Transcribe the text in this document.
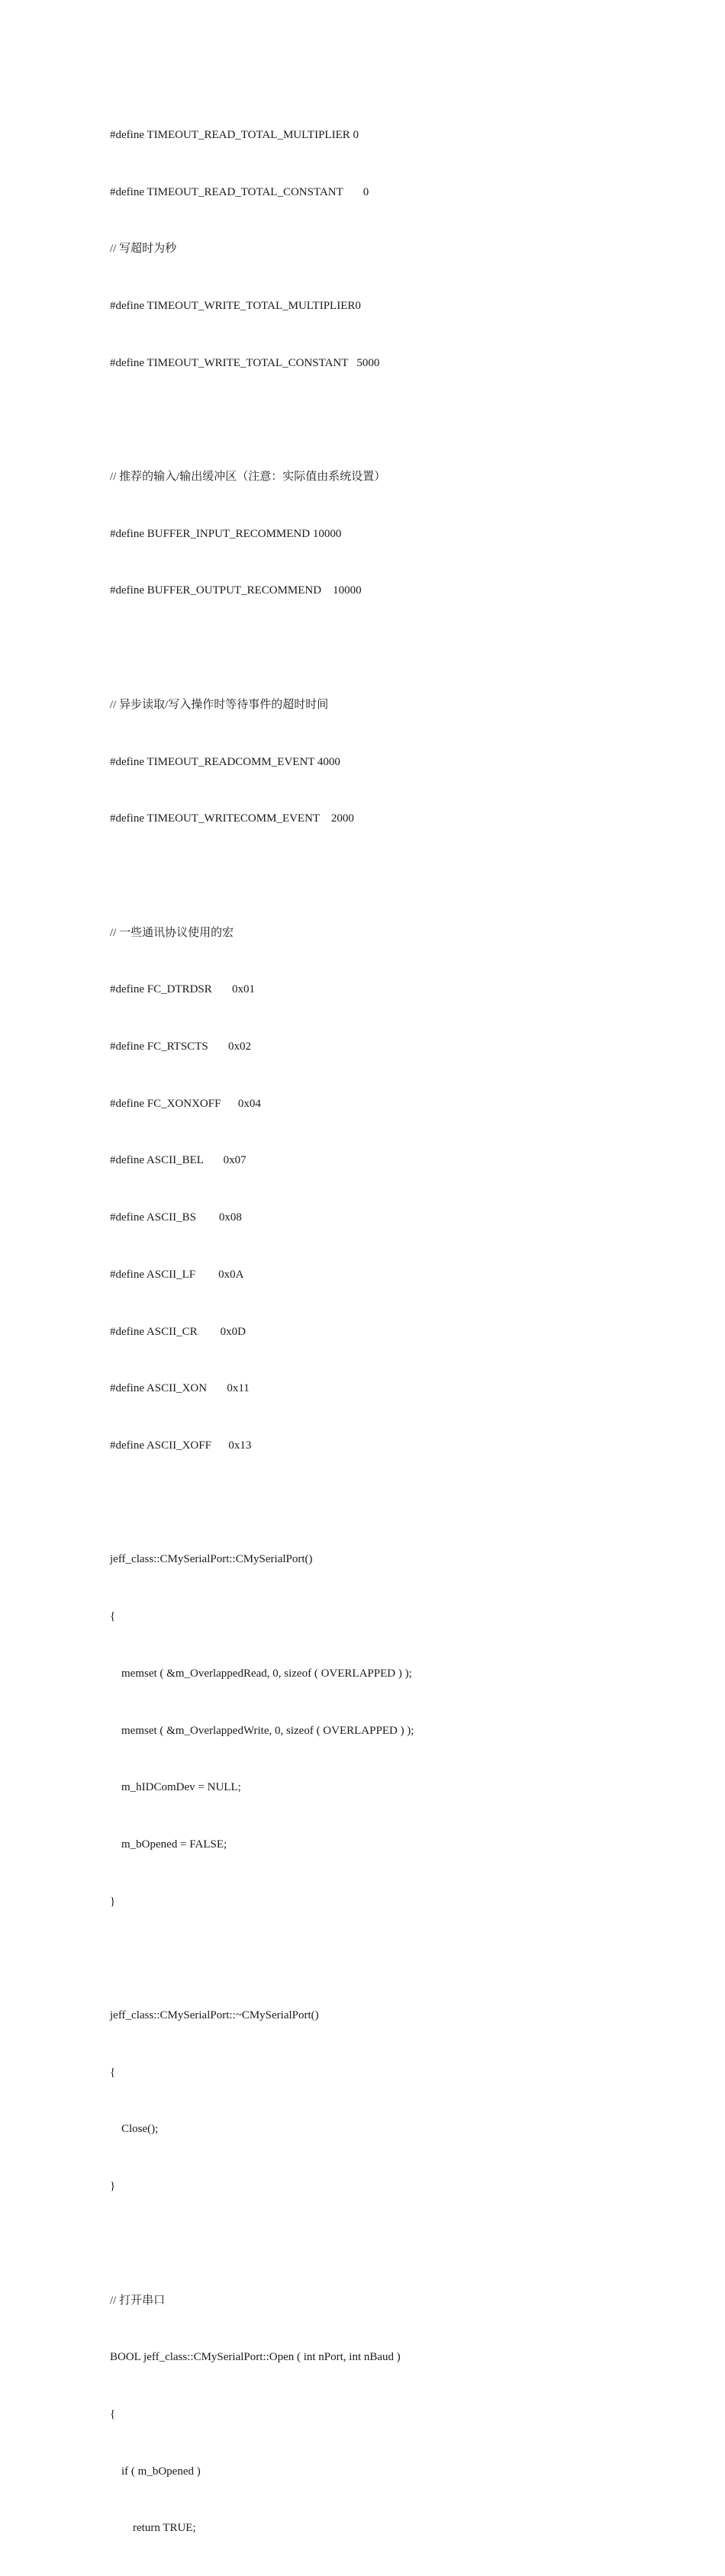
#define TIMEOUT_READ_TOTAL_MULTIPLIER 0

#define TIMEOUT_READ_TOTAL_CONSTANT       0

// 写超时为秒

#define TIMEOUT_WRITE_TOTAL_MULTIPLIER0

#define TIMEOUT_WRITE_TOTAL_CONSTANT   5000

// 推荐的输入/输出缓冲区（注意：实际值由系统设置）

#define BUFFER_INPUT_RECOMMEND 10000

#define BUFFER_OUTPUT_RECOMMEND    10000

// 异步读取/写入操作时等待事件的超时时间

#define TIMEOUT_READCOMM_EVENT 4000

#define TIMEOUT_WRITECOMM_EVENT    2000

// 一些通讯协议使用的宏

#define FC_DTRDSR       0x01

#define FC_RTSCTS       0x02

#define FC_XONXOFF      0x04

#define ASCII_BEL       0x07

#define ASCII_BS        0x08

#define ASCII_LF        0x0A

#define ASCII_CR        0x0D

#define ASCII_XON       0x11

#define ASCII_XOFF      0x13

jeff_class::CMySerialPort::CMySerialPort()

{

memset ( &m_OverlappedRead, 0, sizeof ( OVERLAPPED ) );

memset ( &m_OverlappedWrite, 0, sizeof ( OVERLAPPED ) );

m_hIDComDev = NULL;

m_bOpened = FALSE;

}

jeff_class::CMySerialPort::~CMySerialPort()

{

Close();

}

// 打开串口

BOOL jeff_class::CMySerialPort::Open ( int nPort, int nBaud )

{

if ( m_bOpened )

return TRUE;
